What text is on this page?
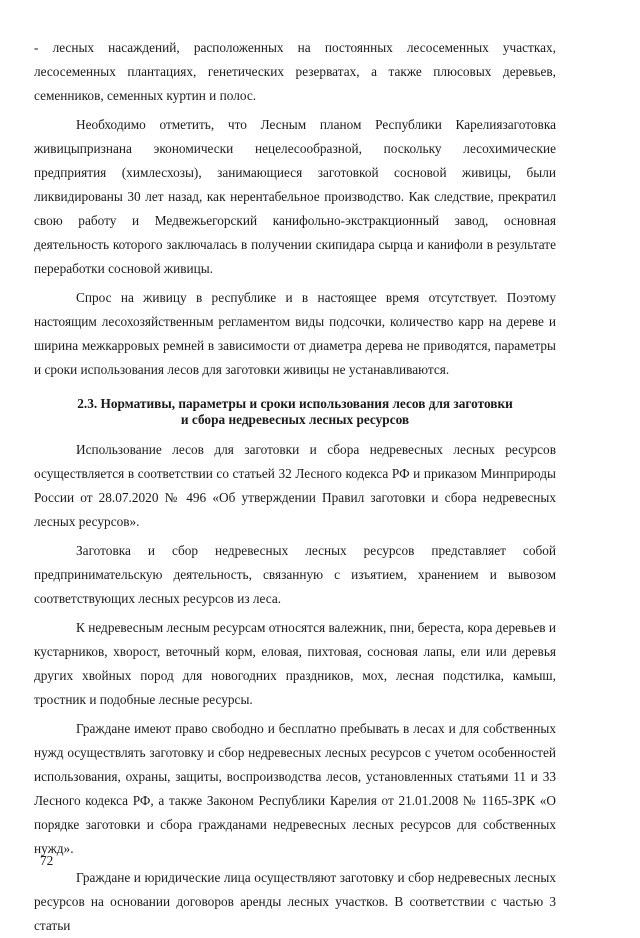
- лесных насаждений, расположенных на постоянных лесосеменных участках, лесосеменных плантациях, генетических резерватах, а также плюсовых деревьев, семенников, семенных куртин и полос.

Необходимо отметить, что Лесным планом Республики Карелиязаготовка живицыпризнана экономически нецелесообразной, поскольку лесохимические предприятия (химлесхозы), занимающиеся заготовкой сосновой живицы, были ликвидированы 30 лет назад, как нерентабельное производство. Как следствие, прекратил свою работу и Медвежьегорский канифольно-экстракционный завод, основная деятельность которого заключалась в получении скипидара сырца и канифоли в результате переработки сосновой живицы.

Спрос на живицу в республике и в настоящее время отсутствует. Поэтому настоящим лесохозяйственным регламентом виды подсочки, количество карр на дереве и ширина межкарровых ремней в зависимости от диаметра дерева не приводятся, параметры и сроки использования лесов для заготовки живицы не устанавливаются.

2.3. Нормативы, параметры и сроки использования лесов для заготовки
и сбора недревесных лесных ресурсов

Использование лесов для заготовки и сбора недревесных лесных ресурсов осуществляется в соответствии со статьей 32 Лесного кодекса РФ и приказом Минприроды России от 28.07.2020 № 496 «Об утверждении Правил заготовки и сбора недревесных лесных ресурсов».

Заготовка и сбор недревесных лесных ресурсов представляет собой предпринимательскую деятельность, связанную с изъятием, хранением и вывозом соответствующих лесных ресурсов из леса.

К недревесным лесным ресурсам относятся валежник, пни, береста, кора деревьев и кустарников, хворост, веточный корм, еловая, пихтовая, сосновая лапы, ели или деревья других хвойных пород для новогодних праздников, мох, лесная подстилка, камыш, тростник и подобные лесные ресурсы.

Граждане имеют право свободно и бесплатно пребывать в лесах и для собственных нужд осуществлять заготовку и сбор недревесных лесных ресурсов с учетом особенностей использования, охраны, защиты, воспроизводства лесов, установленных статьями 11 и 33 Лесного кодекса РФ, а также Законом Республики Карелия от 21.01.2008 № 1165-ЗРК «О порядке заготовки и сбора гражданами недревесных лесных ресурсов для собственных нужд».

Граждане и юридические лица осуществляют заготовку и сбор недревесных лесных ресурсов на основании договоров аренды лесных участков. В соответствии с частью 3 статьи

72
